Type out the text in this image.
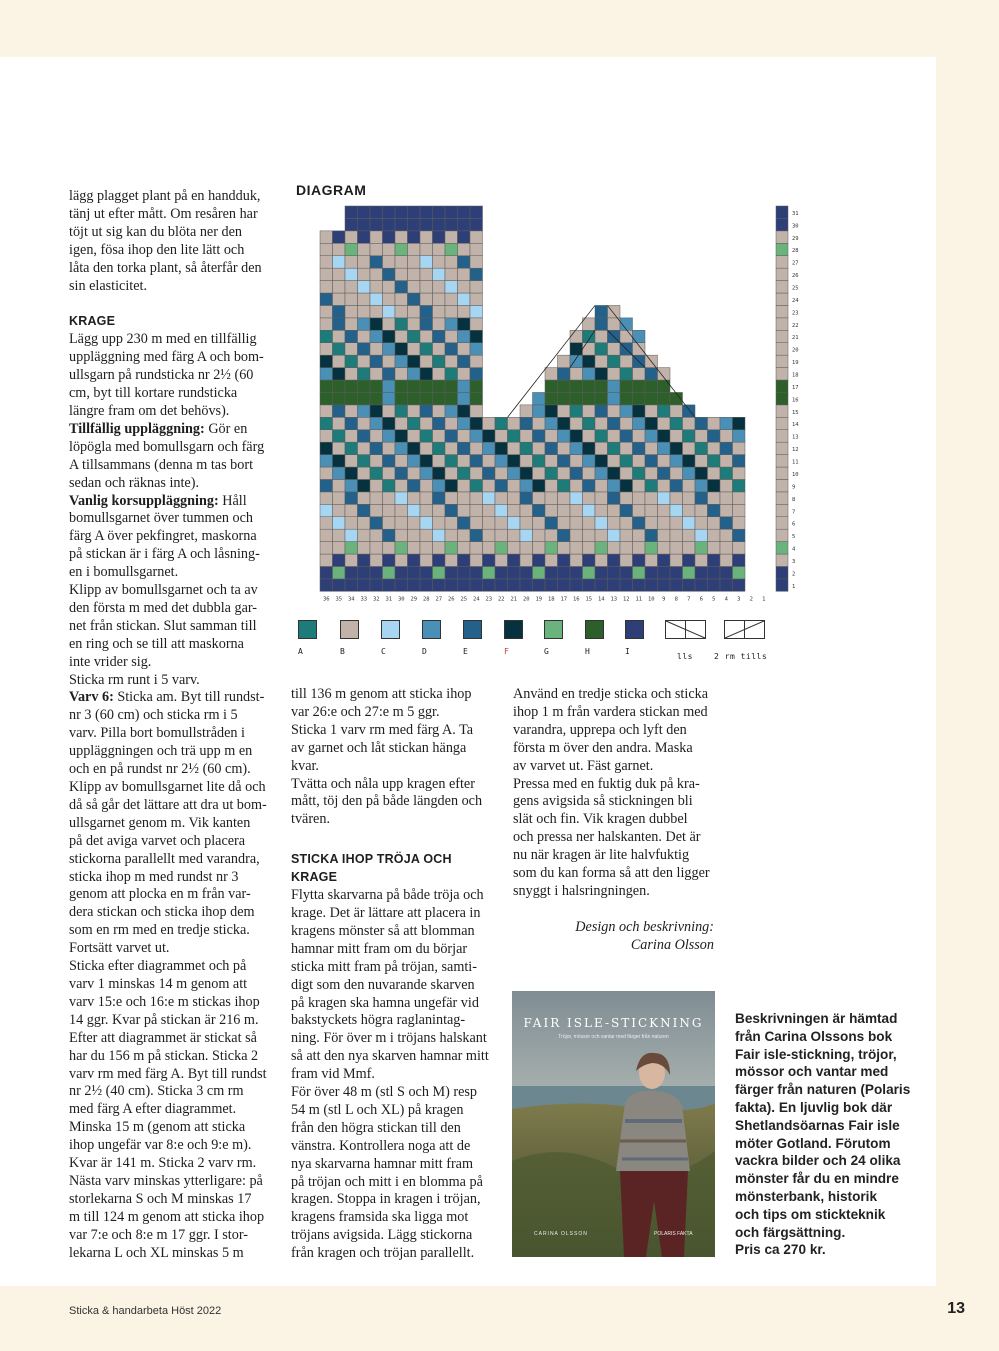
lägg plagget plant på en handduk,

tänj ut efter mått. Om resåren har

töjt ut sig kan du blöta ner den

igen, fösa ihop den lite lätt och

låta den torka plant, så återfår den

sin elasticitet.

KRAGE

Lägg upp 230 m med en tillfällig

uppläggning med färg A och bom-

ullsgarn på rundsticka nr 2½ (60

cm, byt till kortare rundsticka

längre fram om det behövs).

Tillfällig uppläggning: Gör en

löpögla med bomullsgarn och färg

A tillsammans (denna m tas bort

sedan och räknas inte).

Vanlig korsuppläggning: Håll

bomullsgarnet över tummen och

färg A över pekfingret, maskorna

på stickan är i färg A och låsning-

en i bomullsgarnet.

Klipp av bomullsgarnet och ta av

den första m med det dubbla gar-

net från stickan. Slut samman till

en ring och se till att maskorna

inte vrider sig.

Sticka rm runt i 5 varv.

Varv 6: Sticka am. Byt till rundst-

nr 3 (60 cm) och sticka rm i 5

varv. Pilla bort bomullstråden i

uppläggningen och trä upp m en

och en på rundst nr 2½ (60 cm).

Klipp av bomullsgarnet lite då och

då så går det lättare att dra ut bom-

ullsgarnet genom m. Vik kanten

på det aviga varvet och placera

stickorna parallellt med varandra,

sticka ihop m med rundst nr 3

genom att plocka en m från var-

dera stickan och sticka ihop dem

som en rm med en tredje sticka.

Fortsätt varvet ut.

Sticka efter diagrammet och på

varv 1 minskas 14 m genom att

varv 15:e och 16:e m stickas ihop

14 ggr. Kvar på stickan är 216 m.

Efter att diagrammet är stickat så

har du 156 m på stickan. Sticka 2

varv rm med färg A. Byt till rundst

nr 2½ (40 cm). Sticka 3 cm rm

med färg A efter diagrammet.

Minska 15 m (genom att sticka

ihop ungefär var 8:e och 9:e m).

Kvar är 141 m. Sticka 2 varv rm.

Nästa varv minskas ytterligare: på

storlekarna S och M minskas 17

m till 124 m genom att sticka ihop

var 7:e och 8:e m 17 ggr. I stor-

lekarna L och XL minskas 5 m

till 136 m genom att sticka ihop

var 26:e och 27:e m 5 ggr.

Sticka 1 varv rm med färg A. Ta

av garnet och låt stickan hänga

kvar.

Tvätta och nåla upp kragen efter

mått, töj den på både längden och

tvären.

STICKA IHOP TRÖJA OCH

KRAGE

Flytta skarvarna på både tröja och

krage. Det är lättare att placera in

kragens mönster så att blomman

hamnar mitt fram om du börjar

sticka mitt fram på tröjan, samti-

digt som den nuvarande skarven

på kragen ska hamna ungefär vid

bakstyckets högra raglanintag-

ning. För över m i tröjans halskant

så att den nya skarven hamnar mitt

fram vid Mmf.

För över 48 m (stl S och M) resp

54 m (stl L och XL) på kragen

från den högra stickan till den

vänstra. Kontrollera noga att de

nya skarvarna hamnar mitt fram

på tröjan och mitt i en blomma på

kragen. Stoppa in kragen i tröjan,

kragens framsida ska ligga mot

tröjans avigsida. Lägg stickorna

från kragen och tröjan parallellt.

Använd en tredje sticka och sticka

ihop 1 m från vardera stickan med

varandra, upprepa och lyft den

första m över den andra. Maska

av varvet ut. Fäst garnet.

Pressa med en fuktig duk på kra-

gens avigsida så stickningen bli

slät och fin. Vik kragen dubbel

och pressa ner halskanten. Det är

nu när kragen är lite halvfuktig

som du kan forma så att den ligger

snyggt i halsringningen.

Design och beskrivning:

Carina Olsson

DIAGRAM
1
2
3
4
5
6
7
8
9
10
11
12
13
14
15
16
17
18
19
20
21
22
23
24
25
26
27
28
29
30
31
36 35 34 33 32 31 30 29 28 27 26 25 24 23 22 21 20 19 18 17 16 15 14 13 12 11 10 9 8 7 6 5 4 3 2 1
A	B	C	D	E	F	G	H	I
lls	2 rm tills
FAIR ISLE-STICKNING
Tröjor, mössor och vantar med färger från naturen
CARINA OLSSON	POLARIS FAKTA

Beskrivningen är hämtad

från Carina Olssons bok

Fair isle-stickning, tröjor,

mössor och vantar med

färger från naturen (Polaris

fakta). En ljuvlig bok där

Shetlandsöarnas Fair isle

möter Gotland. Förutom

vackra bilder och 24 olika

mönster får du en mindre

mönsterbank, historik

och tips om stickteknik

och färgsättning.

Pris ca 270 kr.

Sticka & handarbeta Höst 2022	13
